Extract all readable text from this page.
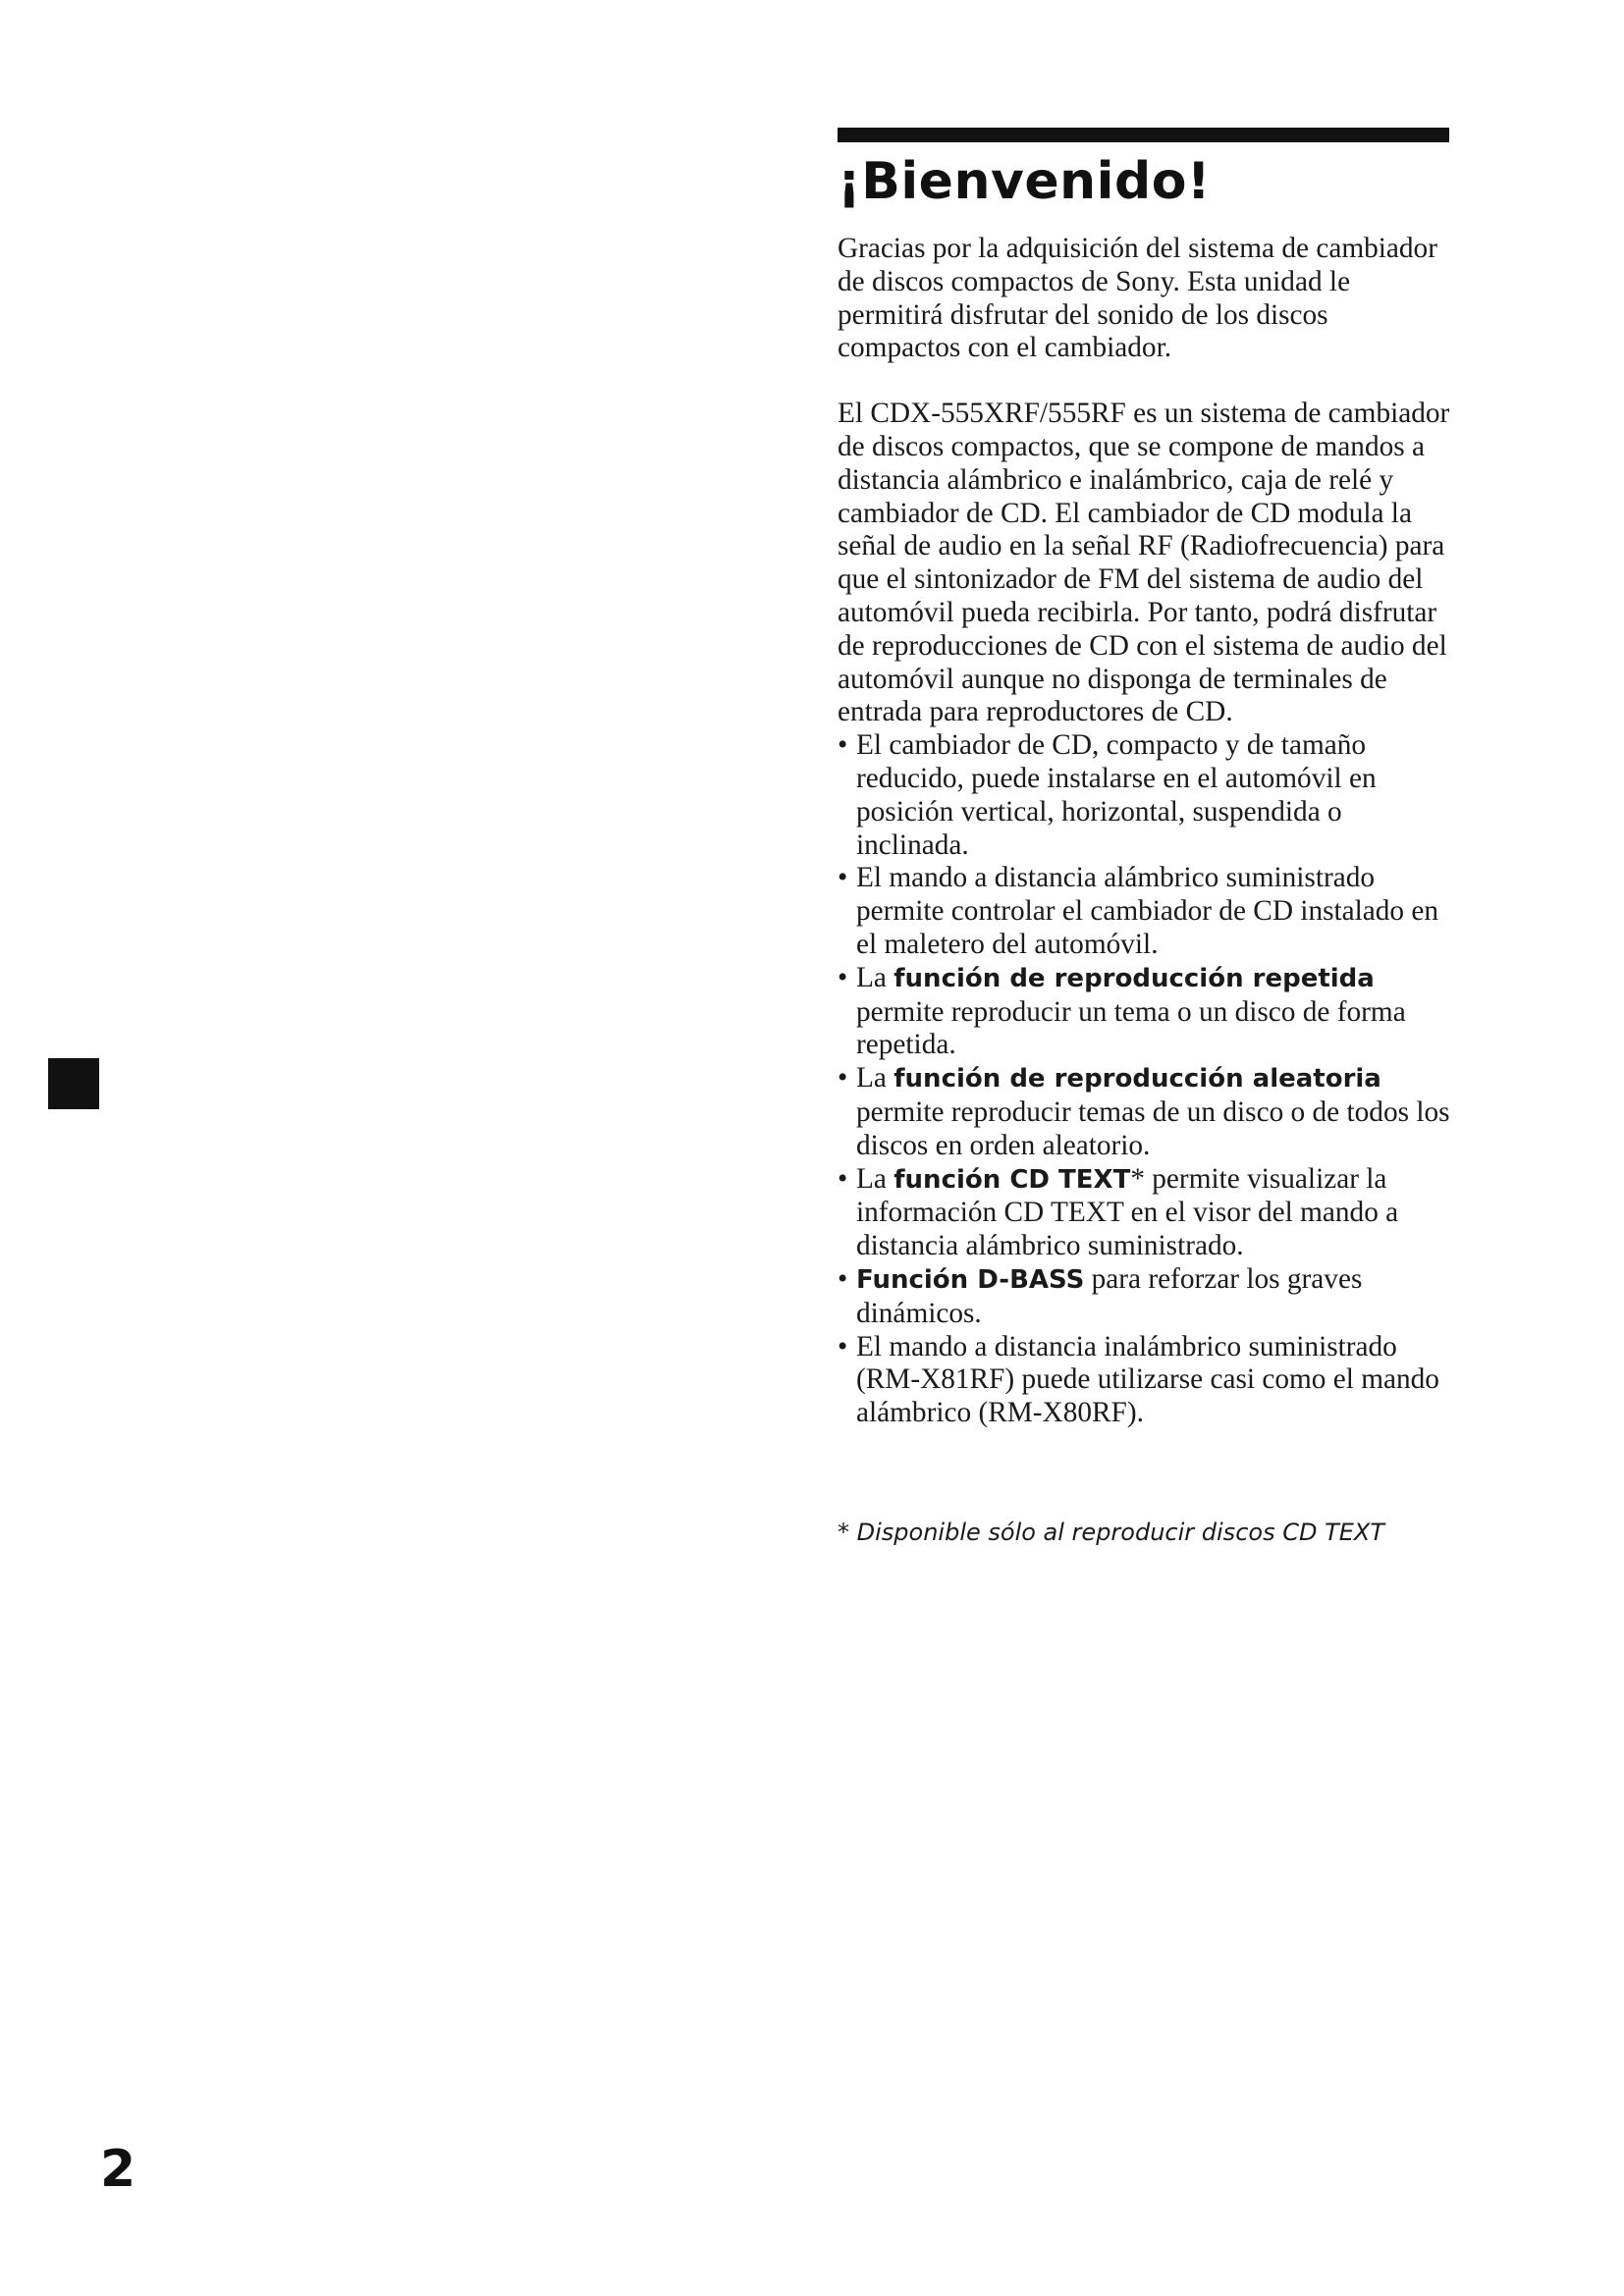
¡Bienvenido!

Gracias por la adquisición del sistema de cambiador de discos compactos de Sony. Esta unidad le permitirá disfrutar del sonido de los discos compactos con el cambiador.

El CDX-555XRF/555RF es un sistema de cambiador de discos compactos, que se compone de mandos a distancia alámbrico e inalámbrico, caja de relé y cambiador de CD. El cambiador de CD modula la señal de audio en la señal RF (Radiofrecuencia) para que el sintonizador de FM del sistema de audio del automóvil pueda recibirla. Por tanto, podrá disfrutar de reproducciones de CD con el sistema de audio del automóvil aunque no disponga de terminales de entrada para reproductores de CD.

• El cambiador de CD, compacto y de tamaño reducido, puede instalarse en el automóvil en posición vertical, horizontal, suspendida o inclinada.
• El mando a distancia alámbrico suministrado permite controlar el cambiador de CD instalado en el maletero del automóvil.
• La función de reproducción repetida permite reproducir un tema o un disco de forma repetida.
• La función de reproducción aleatoria permite reproducir temas de un disco o de todos los discos en orden aleatorio.
• La función CD TEXT* permite visualizar la información CD TEXT en el visor del mando a distancia alámbrico suministrado.
• Función D-BASS para reforzar los graves dinámicos.
• El mando a distancia inalámbrico suministrado (RM-X81RF) puede utilizarse casi como el mando alámbrico (RM-X80RF).
* Disponible sólo al reproducir discos CD TEXT
2
